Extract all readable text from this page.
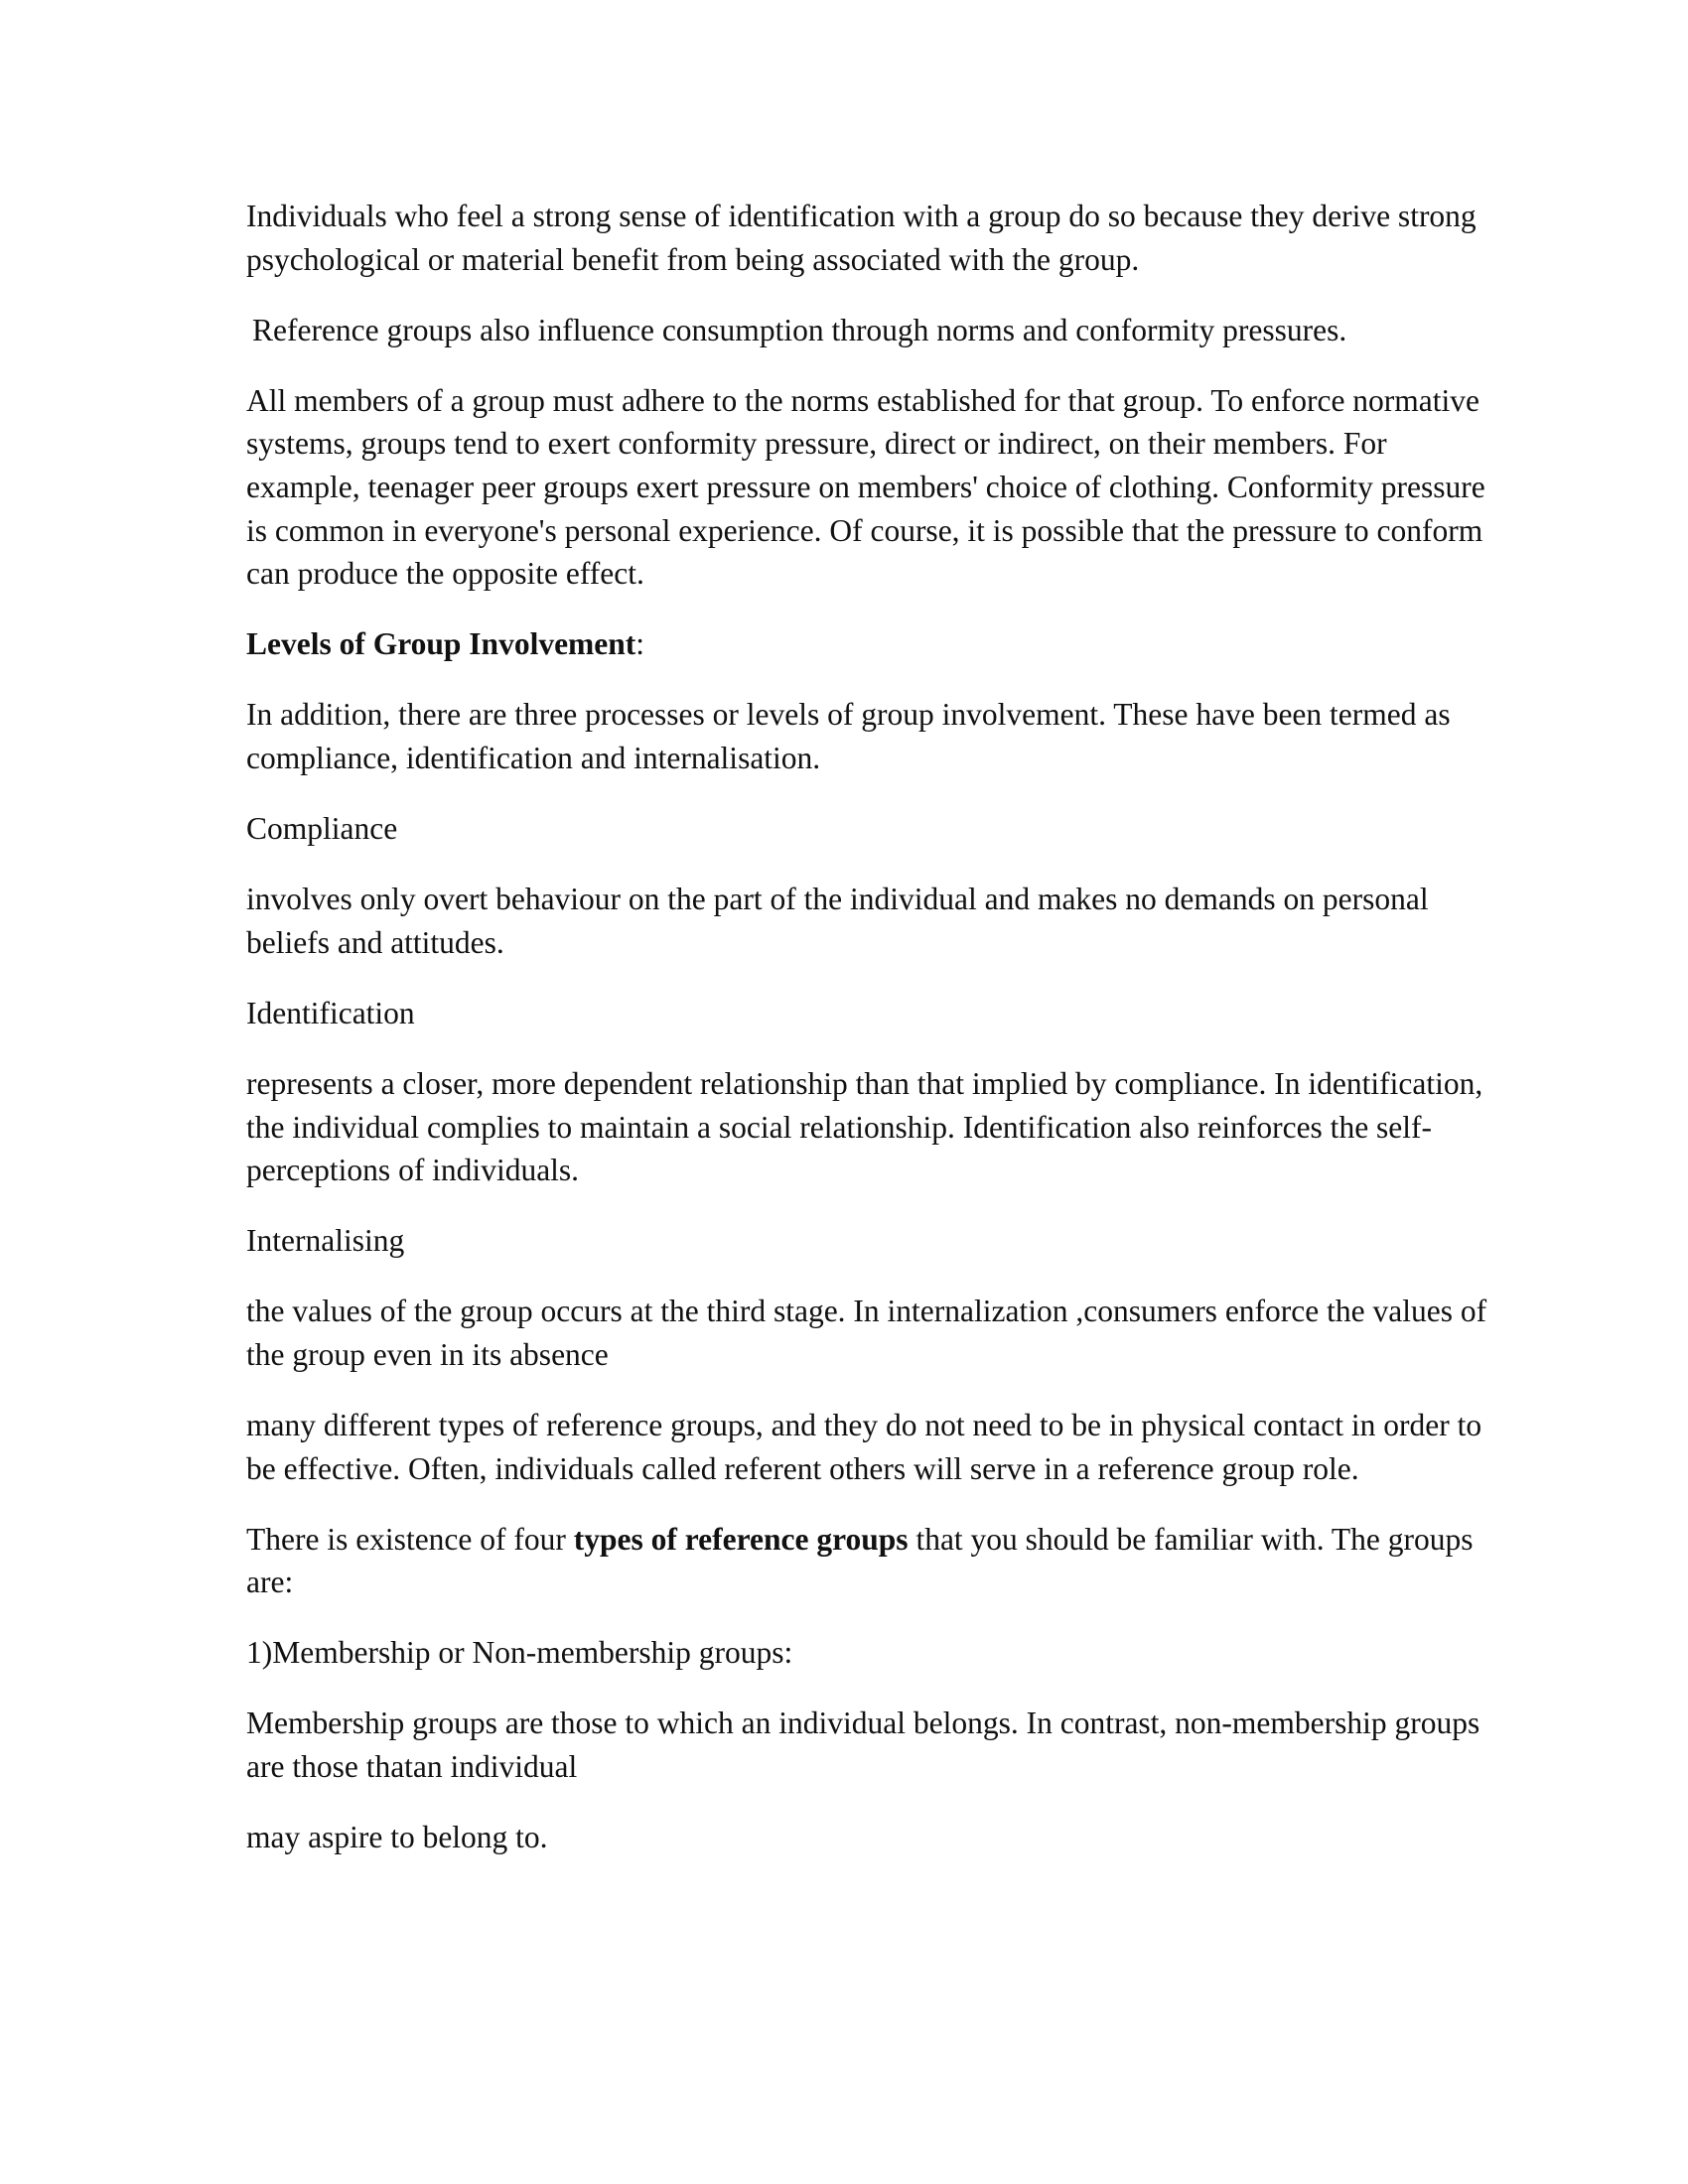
Individuals who feel a strong sense of identification with a group do so because they derive strong psychological or material benefit from being associated with the group.

Reference groups also influence consumption through norms and conformity pressures.

All members of a group must adhere to the norms established for that group. To enforce normative systems, groups tend to exert conformity pressure, direct or indirect, on their members. For example, teenager peer groups exert pressure on members' choice of clothing. Conformity pressure is common in everyone's personal experience. Of course, it is possible that the pressure to conform can produce the opposite effect.

Levels of Group Involvement:

In addition, there are three processes or levels of group involvement. These have been termed as compliance, identification and internalisation.

Compliance

involves only overt behaviour on the part of the individual and makes no demands on personal beliefs and attitudes.

Identification

represents a closer, more dependent relationship than that implied by compliance. In identification, the individual complies to maintain a social relationship. Identification also reinforces the self-perceptions of individuals.

Internalising

the values of the group occurs at the third stage. In internalization ,consumers enforce the values of the group even in its absence

many different types of reference groups, and they do not need to be in physical contact in order to be effective. Often, individuals called referent others will serve in a reference group role.

There is existence of four types of reference groups that you should be familiar with. The groups are:

1)Membership or Non-membership groups:

Membership groups are those to which an individual belongs. In contrast, non-membership groups are those thatan individual

may aspire to belong to.
